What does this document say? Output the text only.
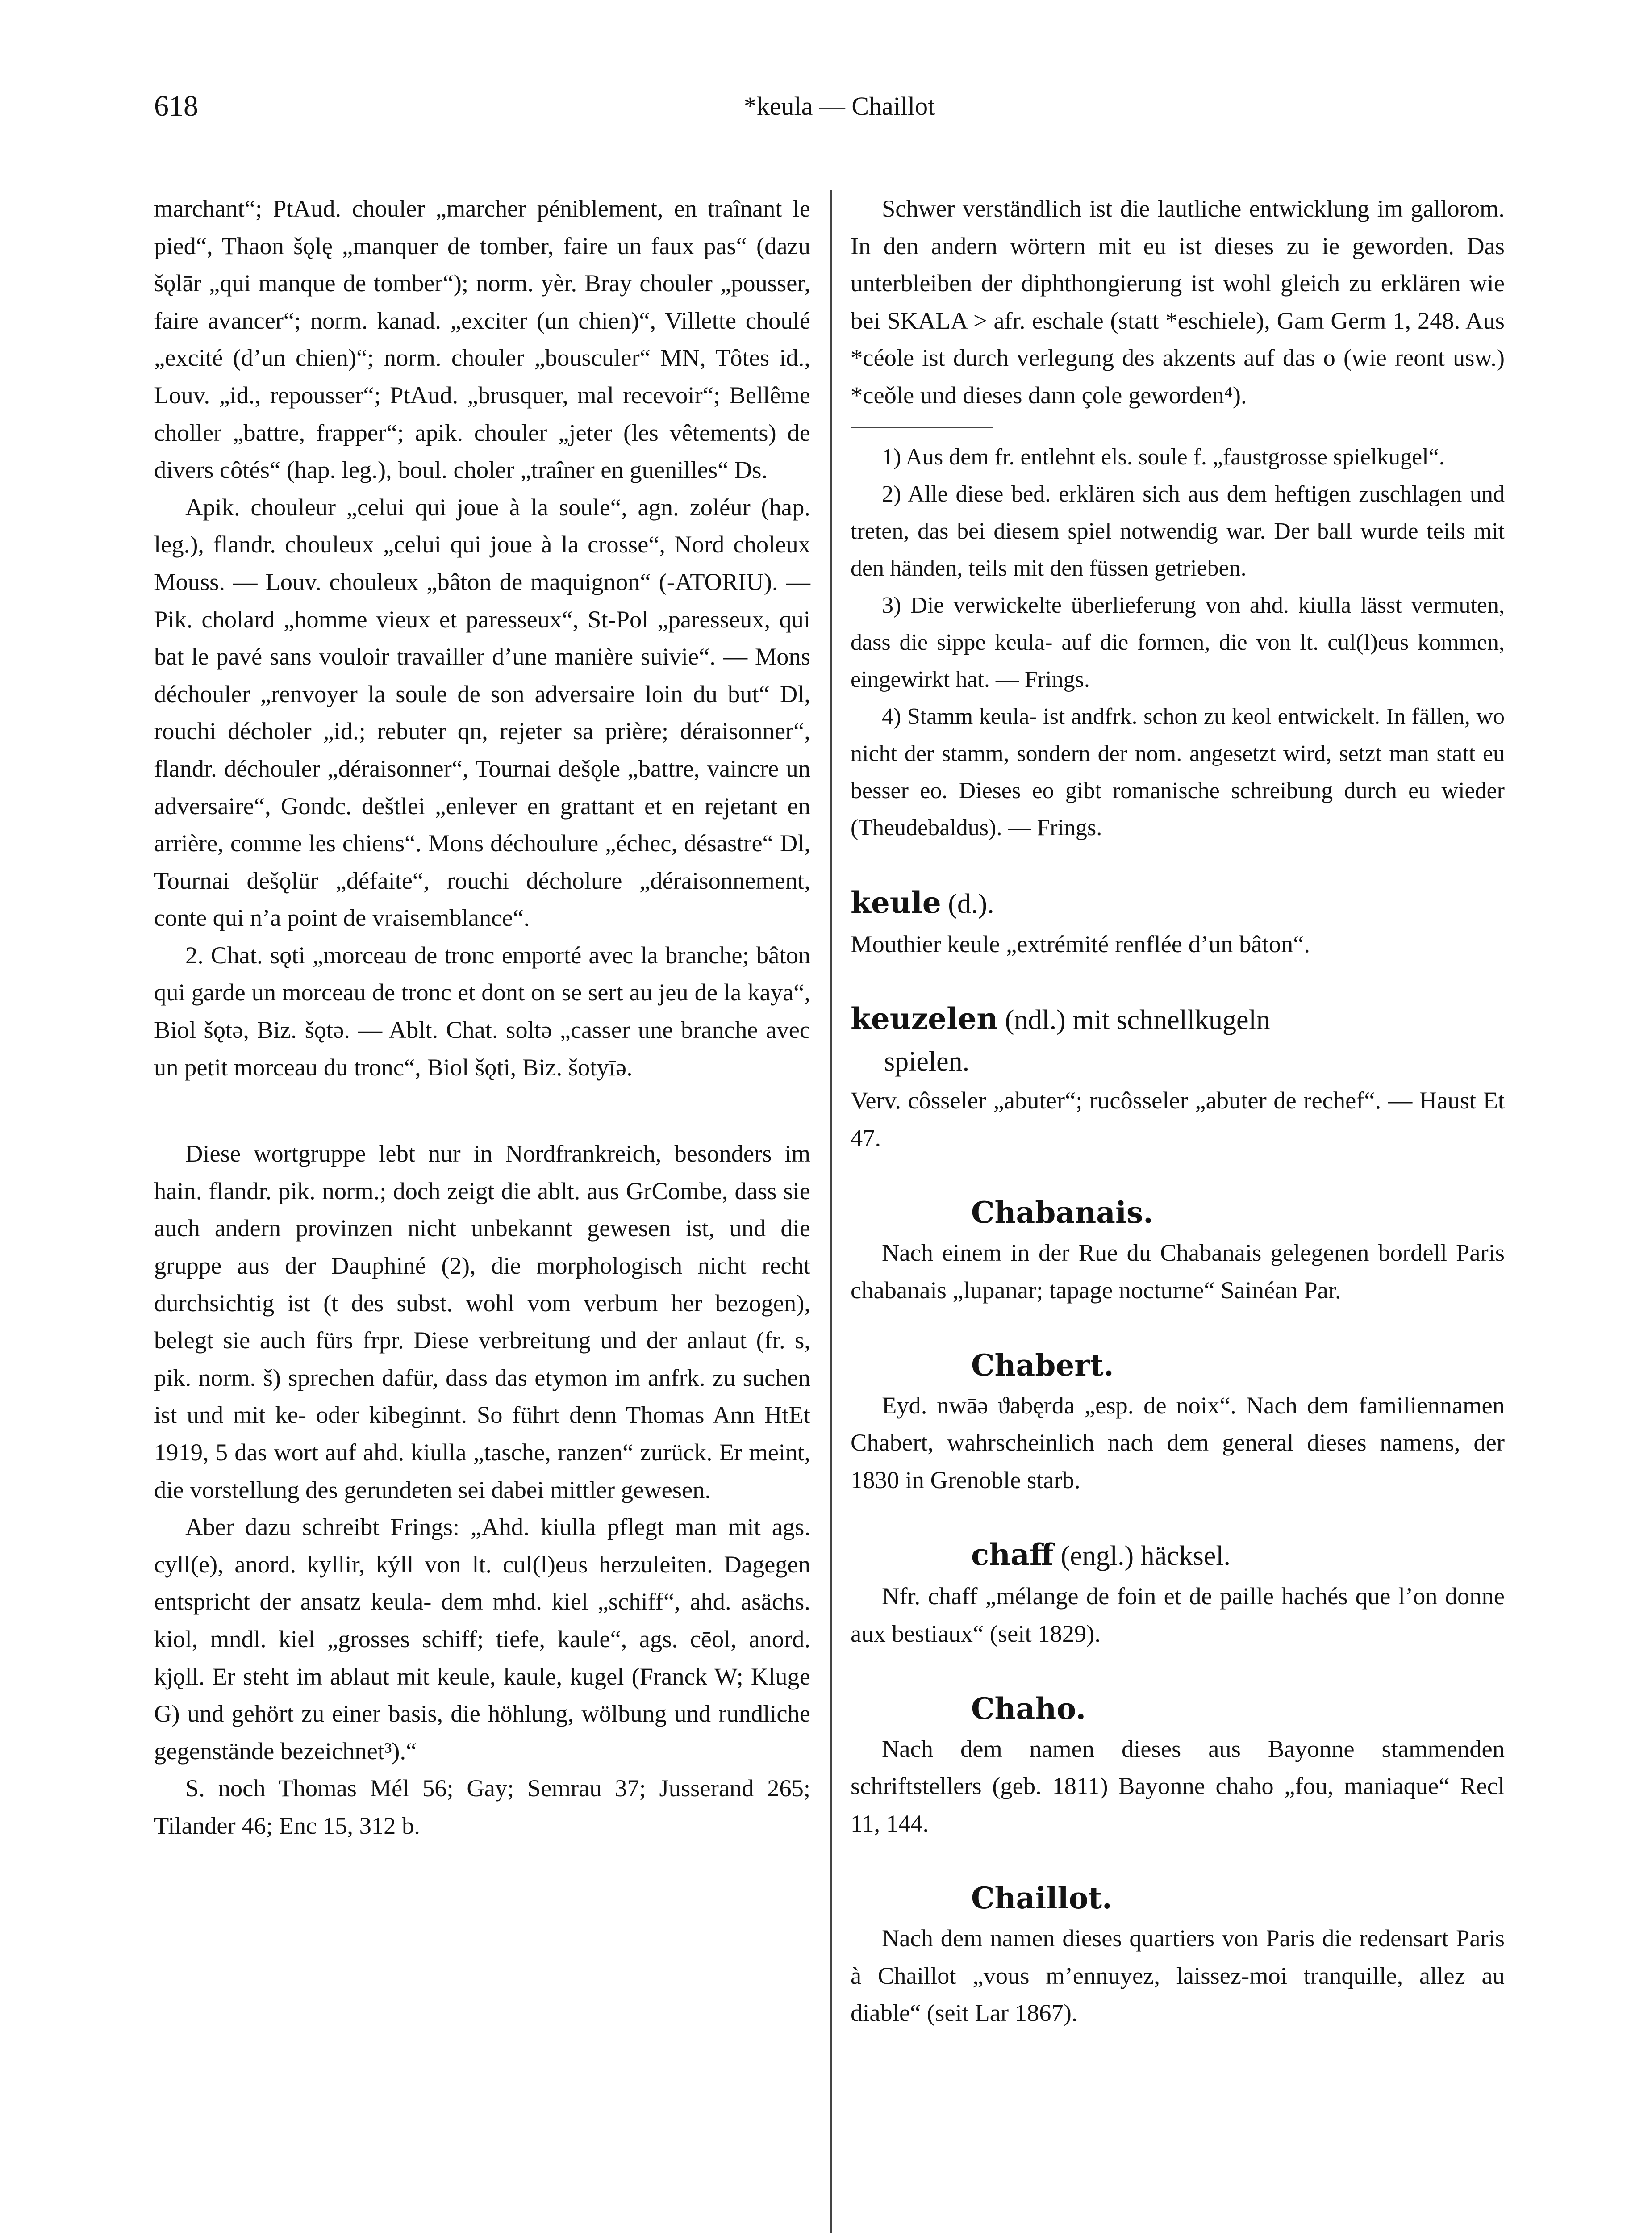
618	*keula — Chaillot

marchant“; PtAud. chouler „marcher péniblement, en traînant le pied“, Thaon šǫlę „manquer de tomber, faire un faux pas“ (dazu šǫlār „qui manque de tomber“); norm. yèr. Bray chouler „pousser, faire avancer“; norm. kanad. „exciter (un chien)“, Villette choulé „excité (d’un chien)“; norm. chouler „bousculer“ MN, Tôtes id., Louv. „id., repousser“; PtAud. „brusquer, mal recevoir“; Bellême choller „battre, frapper“; apik. chouler „jeter (les vêtements) de divers côtés“ (hap. leg.), boul. choler „traîner en guenilles“ Ds.

Apik. chouleur „celui qui joue à la soule“, agn. zoléur (hap. leg.), flandr. chouleux „celui qui joue à la crosse“, Nord choleux Mouss. — Louv. chouleux „bâton de maquignon“ (-ATORIU). — Pik. cholard „homme vieux et paresseux“, St-Pol „paresseux, qui bat le pavé sans vouloir travailler d’une manière suivie“. — Mons déchouler „renvoyer la soule de son adversaire loin du but“ Dl, rouchi décholer „id.; rebuter qn, rejeter sa prière; déraisonner“, flandr. déchouler „déraisonner“, Tournai dešǫle „battre, vaincre un adversaire“, Gondc. deštlei „enlever en grattant et en rejetant en arrière, comme les chiens“. Mons déchoulure „échec, désastre“ Dl, Tournai dešǫlür „défaite“, rouchi décholure „déraisonnement, conte qui n’a point de vraisemblance“.

2. Chat. sǫti „morceau de tronc emporté avec la branche; bâton qui garde un morceau de tronc et dont on se sert au jeu de la kaya“, Biol šǫtə, Biz. šǫtə. — Ablt. Chat. soltə „casser une branche avec un petit morceau du tronc“, Biol šǫti, Biz. šotyīə.

Diese wortgruppe lebt nur in Nordfrankreich, besonders im hain. flandr. pik. norm.; doch zeigt die ablt. aus GrCombe, dass sie auch andern provinzen nicht unbekannt gewesen ist, und die gruppe aus der Dauphiné (2), die morphologisch nicht recht durchsichtig ist (t des subst. wohl vom verbum her bezogen), belegt sie auch fürs frpr. Diese verbreitung und der anlaut (fr. s, pik. norm. š) sprechen dafür, dass das etymon im anfrk. zu suchen ist und mit ke- oder kibeginnt. So führt denn Thomas Ann HtEt 1919, 5 das wort auf ahd. kiulla „tasche, ranzen“ zurück. Er meint, die vorstellung des gerundeten sei dabei mittler gewesen.

Aber dazu schreibt Frings: „Ahd. kiulla pflegt man mit ags. cyll(e), anord. kyllir, kýll von lt. cul(l)eus herzuleiten. Dagegen entspricht der ansatz keula- dem mhd. kiel „schiff“, ahd. asächs. kiol, mndl. kiel „grosses schiff; tiefe, kaule“, ags. cēol, anord. kjǫll. Er steht im ablaut mit keule, kaule, kugel (Franck W; Kluge G) und gehört zu einer basis, die höhlung, wölbung und rundliche gegenstände bezeichnet³).“

S. noch Thomas Mél 56; Gay; Semrau 37; Jusserand 265; Tilander 46; Enc 15, 312 b.

Schwer verständlich ist die lautliche entwicklung im gallorom. In den andern wörtern mit eu ist dieses zu ie geworden. Das unterbleiben der diphthongierung ist wohl gleich zu erklären wie bei SKALA > afr. eschale (statt *eschiele), Gam Germ 1, 248. Aus *céole ist durch verlegung des akzents auf das o (wie reont usw.) *ceǒle und dieses dann çole geworden⁴).

1) Aus dem fr. entlehnt els. soule f. „faustgrosse spielkugel“.

2) Alle diese bed. erklären sich aus dem heftigen zuschlagen und treten, das bei diesem spiel notwendig war. Der ball wurde teils mit den händen, teils mit den füssen getrieben.

3) Die verwickelte überlieferung von ahd. kiulla lässt vermuten, dass die sippe keula- auf die formen, die von lt. cul(l)eus kommen, eingewirkt hat. — Frings.

4) Stamm keula- ist andfrk. schon zu keol entwickelt. In fällen, wo nicht der stamm, sondern der nom. angesetzt wird, setzt man statt eu besser eo. Dieses eo gibt romanische schreibung durch eu wieder (Theudebaldus). — Frings.

keule (d.).

Mouthier keule „extrémité renflée d’un bâton“.

keuzelen (ndl.) mit schnellkugeln

spielen.

Verv. côsseler „abuter“; rucôsseler „abuter de rechef“. — Haust Et 47.

Chabanais.

Nach einem in der Rue du Chabanais gelegenen bordell Paris chabanais „lupanar; tapage nocturne“ Sainéan Par.

Chabert.

Eyd. nwāə ϑabęrda „esp. de noix“. Nach dem familiennamen Chabert, wahrscheinlich nach dem general dieses namens, der 1830 in Grenoble starb.

chaff (engl.) häcksel.

Nfr. chaff „mélange de foin et de paille hachés que l’on donne aux bestiaux“ (seit 1829).

Chaho.

Nach dem namen dieses aus Bayonne stammenden schriftstellers (geb. 1811) Bayonne chaho „fou, maniaque“ Recl 11, 144.

Chaillot.

Nach dem namen dieses quartiers von Paris die redensart Paris à Chaillot „vous m’ennuyez, laissez-moi tranquille, allez au diable“ (seit Lar 1867).
